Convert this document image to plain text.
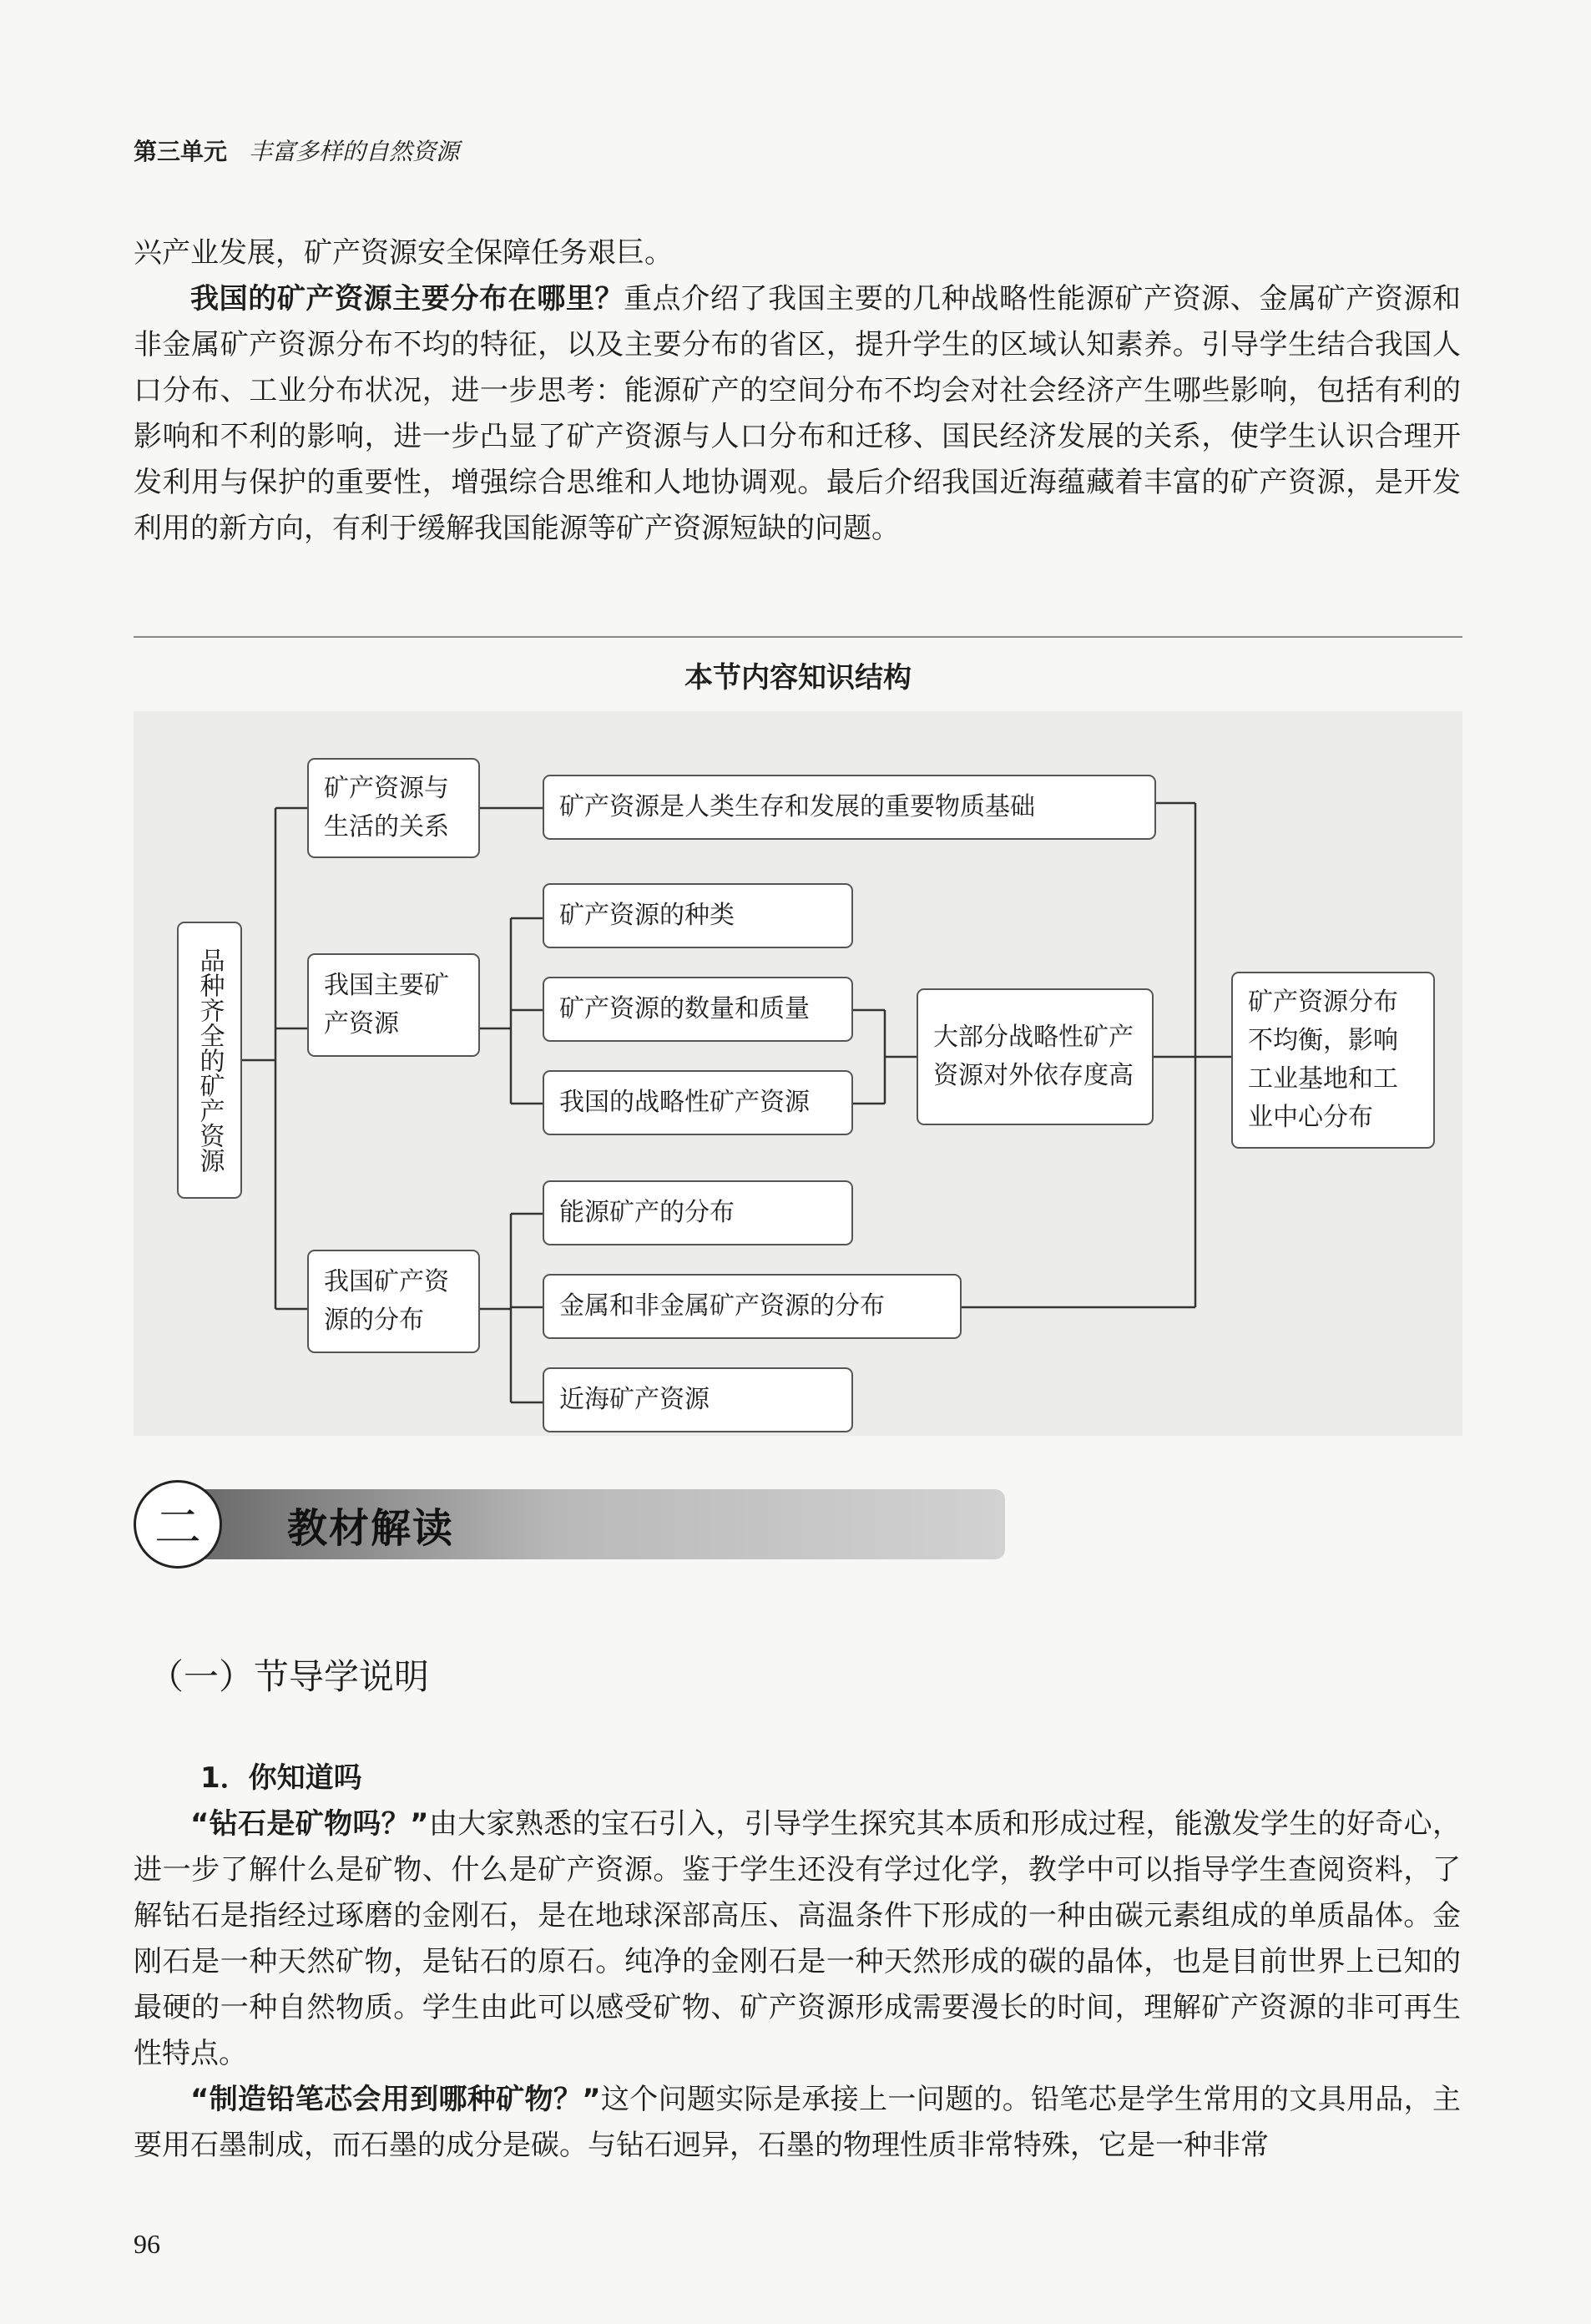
第三单元 丰富多样的自然资源

兴产业发展，矿产资源安全保障任务艰巨。

我国的矿产资源主要分布在哪里？重点介绍了我国主要的几种战略性能源矿产资源、金属矿产资源和非金属矿产资源分布不均的特征，以及主要分布的省区，提升学生的区域认知素养。引导学生结合我国人口分布、工业分布状况，进一步思考：能源矿产的空间分布不均会对社会经济产生哪些影响，包括有利的影响和不利的影响，进一步凸显了矿产资源与人口分布和迁移、国民经济发展的关系，使学生认识合理开发利用与保护的重要性，增强综合思维和人地协调观。最后介绍我国近海蕴藏着丰富的矿产资源，是开发利用的新方向，有利于缓解我国能源等矿产资源短缺的问题。

本节内容知识结构
品种齐全的矿产资源
矿产资源与生活的关系
矿产资源是人类生存和发展的重要物质基础
我国主要矿产资源
矿产资源的种类
矿产资源的数量和质量
我国的战略性矿产资源
大部分战略性矿产资源对外依存度高
我国矿产资源的分布
能源矿产的分布
金属和非金属矿产资源的分布
近海矿产资源
矿产资源分布不均衡，影响工业基地和工业中心分布
二	教材解读
（一）节导学说明
1．你知道吗

“钻石是矿物吗？”由大家熟悉的宝石引入，引导学生探究其本质和形成过程，能激发学生的好奇心，进一步了解什么是矿物、什么是矿产资源。鉴于学生还没有学过化学，教学中可以指导学生查阅资料，了解钻石是指经过琢磨的金刚石，是在地球深部高压、高温条件下形成的一种由碳元素组成的单质晶体。金刚石是一种天然矿物，是钻石的原石。纯净的金刚石是一种天然形成的碳的晶体，也是目前世界上已知的最硬的一种自然物质。学生由此可以感受矿物、矿产资源形成需要漫长的时间，理解矿产资源的非可再生性特点。

“制造铅笔芯会用到哪种矿物？”这个问题实际是承接上一问题的。铅笔芯是学生常用的文具用品，主要用石墨制成，而石墨的成分是碳。与钻石迥异，石墨的物理性质非常特殊，它是一种非常

96
